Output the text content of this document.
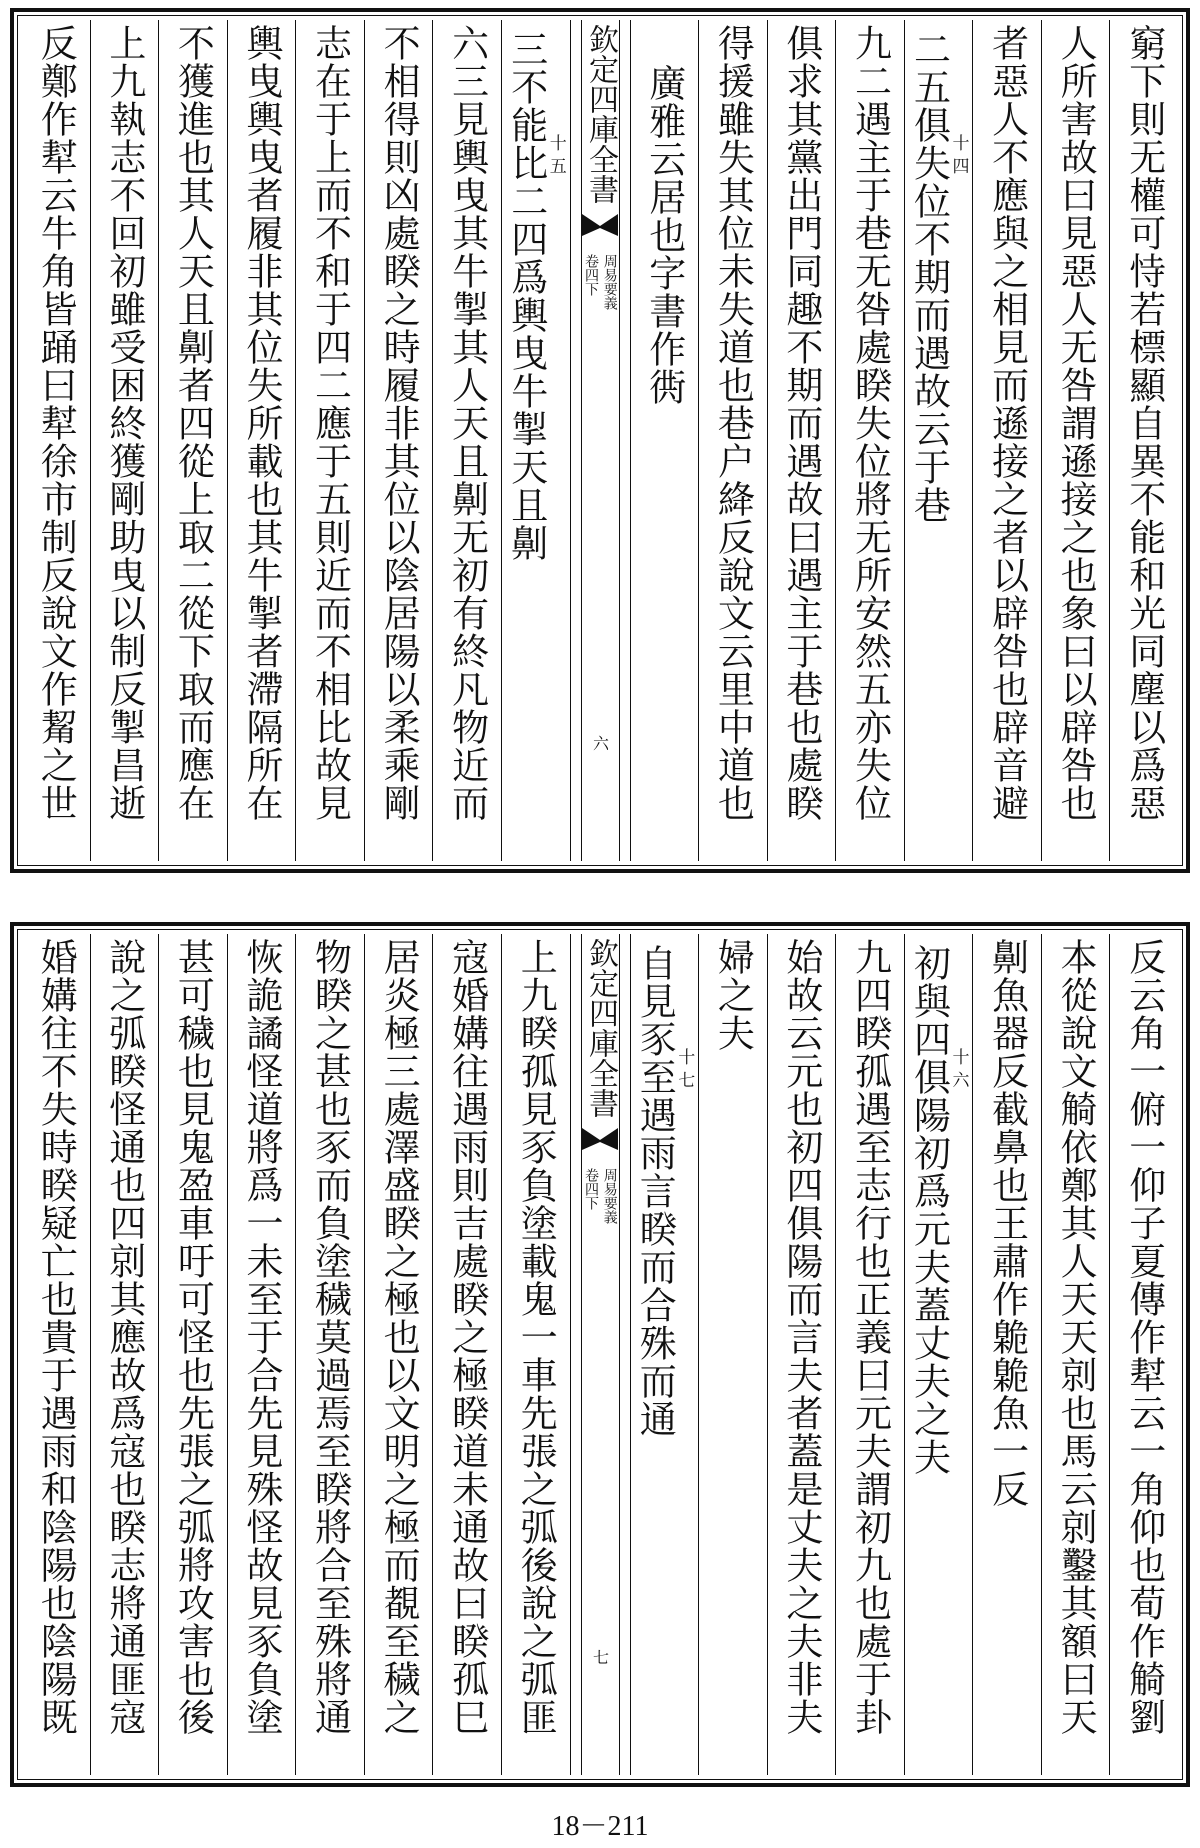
窮下則无權可恃若標顯自異不能和光同塵以爲惡
人所害故曰見惡人无咎謂遜接之也象曰以辟咎也
者惡人不應與之相見而遜接之者以辟咎也辟音避
十四
二五俱失位不期而遇故云于巷
九二遇主于巷无咎處睽失位將无所安然五亦失位
俱求其黨出門同趣不期而遇故曰遇主于巷也處睽
得援雖失其位未失道也巷户絳反說文云里中道也
廣雅云居也字書作衖
欽定四庫全書
周易要義
卷四下
六
十五
三不能比二四爲輿曳牛掣天且劓
六三見輿曳其牛掣其人天且劓无初有終凡物近而
不相得則凶處睽之時履非其位以陰居陽以柔乘剛
志在于上而不和于四二應于五則近而不相比故見
輿曳輿曳者履非其位失所載也其牛掣者滯隔所在
不獲進也其人天且劓者四從上取二從下取而應在
上九執志不回初雖受困終獲剛助曳以制反掣昌逝
反鄭作犎云牛角皆踊曰犎徐市制反說文作觢之世
反云角一俯一仰子夏傳作犎云一角仰也荀作觭劉
本從說文觭依鄭其人天天剠也馬云剠鑿其額曰天
劓魚器反截鼻也王肅作臲臲魚一反
十六
初與四俱陽初爲元夫蓋丈夫之夫
九四睽孤遇至志行也正義曰元夫謂初九也處于卦
始故云元也初四俱陽而言夫者蓋是丈夫之夫非夫
婦之夫
十七
自見豕至遇雨言睽而合殊而通
欽定四庫全書
周易要義
卷四下
七
上九睽孤見豕負塗載鬼一車先張之弧後說之弧匪
寇婚媾往遇雨則吉處睽之極睽道未通故曰睽孤巳
居炎極三處澤盛睽之極也以文明之極而覩至穢之
物睽之甚也豕而負塗穢莫過焉至睽將合至殊將通
恢詭譎怪道將爲一未至于合先見殊怪故見豕負塗
甚可穢也見鬼盈車吁可怪也先張之弧將攻害也後
說之弧睽怪通也四剠其應故爲寇也睽志將通匪寇
婚媾往不失時睽疑亡也貴于遇雨和陰陽也陰陽既
18－211
